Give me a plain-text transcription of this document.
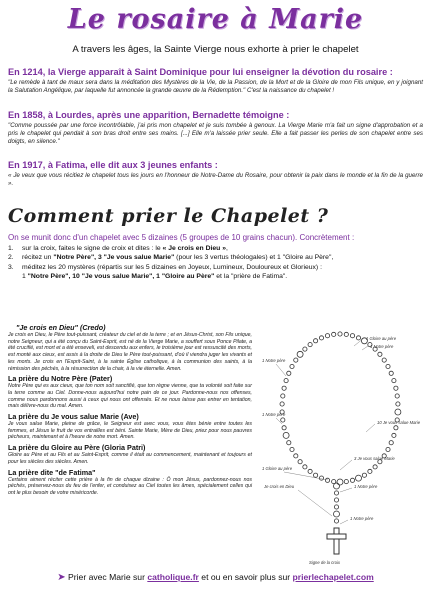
Le rosaire à Marie
A travers les âges, la Sainte Vierge nous exhorte à prier le chapelet
En 1214, la Vierge apparaît à Saint Dominique pour lui enseigner la dévotion du rosaire :
"Le remède à tant de maux sera dans la méditation des Mystères de la Vie, de la Passion, de la Mort et de la Gloire de mon Fils unique, en y joignant la Salutation Angélique, par laquelle fut annoncée la grande œuvre de la Rédemption." C'est la naissance du chapelet !
En 1858, à Lourdes, après une apparition, Bernadette témoigne :
"Comme poussée par une force incontrôlable, j'ai pris mon chapelet et je suis tombée à genoux. La Vierge Marie m'a fait un signe d'approbation et a pris le chapelet qui pendait à son bras droit entre ses mains. [...] Elle m'a laissée prier seule. Elle a fait passer les perles de son chapelet entre ses doigts, en silence."
En 1917, à Fatima, elle dit aux 3 jeunes enfants :
« Je veux que vous récitiez le chapelet tous les jours en l'honneur de Notre-Dame du Rosaire, pour obtenir la paix dans le monde et la fin de la guerre ».
Comment prier le Chapelet ?
On se munit donc d'un chapelet avec 5 dizaines (5 groupes de 10 grains chacun). Concrètement :
1. sur la croix, faites le signe de croix et dites : le « Je crois en Dieu »,
2. récitez un "Notre Père", 3 "Je vous salue Marie" (pour les 3 vertus théologales) et 1 "Gloire au Père",
3. méditez les 20 mystères (répartis sur les 5 dizaines en Joyeux, Lumineux, Douloureux et Glorieux) :
1 "Notre Père", 10 "Je vous salue Marie", 1 "Gloire au Père" et la "prière de Fatima".
"Je crois en Dieu" (Credo)
Je crois en Dieu, le Père tout-puissant, créateur du ciel et de la terre ; et en Jésus-Christ, son Fils unique, notre Seigneur, qui a été conçu du Saint-Esprit, est né de la Vierge Marie, a souffert sous Ponce Pilate, a été crucifié, est mort et a été enseveli, est descendu aux enfers, le troisième jour est ressuscité des morts, est monté aux cieux, est assis à la droite de Dieu le Père tout-puissant, d'où il viendra juger les vivants et les morts. Je crois en l'Esprit-Saint, à la sainte Église catholique, à la communion des saints, à la rémission des péchés, à la résurrection de la chair, à la vie éternelle. Amen.
La prière du Notre Père (Pater)
Notre Père qui es aux cieux, que ton nom soit sanctifié, que ton règne vienne, que ta volonté soit faite sur la terre comme au Ciel. Donne-nous aujourd'hui notre pain de ce jour. Pardonne-nous nos offenses, comme nous pardonnons aussi à ceux qui nous ont offensés. Et ne nous laisse pas entrer en tentation, mais délivre-nous du mal. Amen.
La prière du Je vous salue Marie (Ave)
Je vous salue Marie, pleine de grâce, le Seigneur est avec vous, vous êtes bénie entre toutes les femmes, et Jésus le fruit de vos entrailles est béni. Sainte Marie, Mère de Dieu, priez pour nous pauvres pécheurs, maintenant et à l'heure de notre mort. Amen.
La prière du Gloire au Père (Gloria Patri)
Gloire au Père et au Fils et au Saint-Esprit, comme il était au commencement, maintenant et toujours et pour les siècles des siècles. Amen.
La prière dite "de Fatima"
Certains aiment réciter cette prière à la fin de chaque dizaine : Ô mon Jésus, pardonnez-nous nos péchés, préservez-nous du feu de l'enfer, et conduisez au Ciel toutes les âmes, spécialement celles qui ont le plus besoin de votre miséricorde.
1 Gloire au père
1 Notre père
1 Notre père
10 Je vous salue Marie
1 Notre père
3 Je vous salue Marie
1 Gloire au père
1 Notre père
Je crois en Dieu
1 Notre père
Signe de la croix
➤ Prier avec Marie sur catholique.fr et ou en savoir plus sur prierlechapelet.com
